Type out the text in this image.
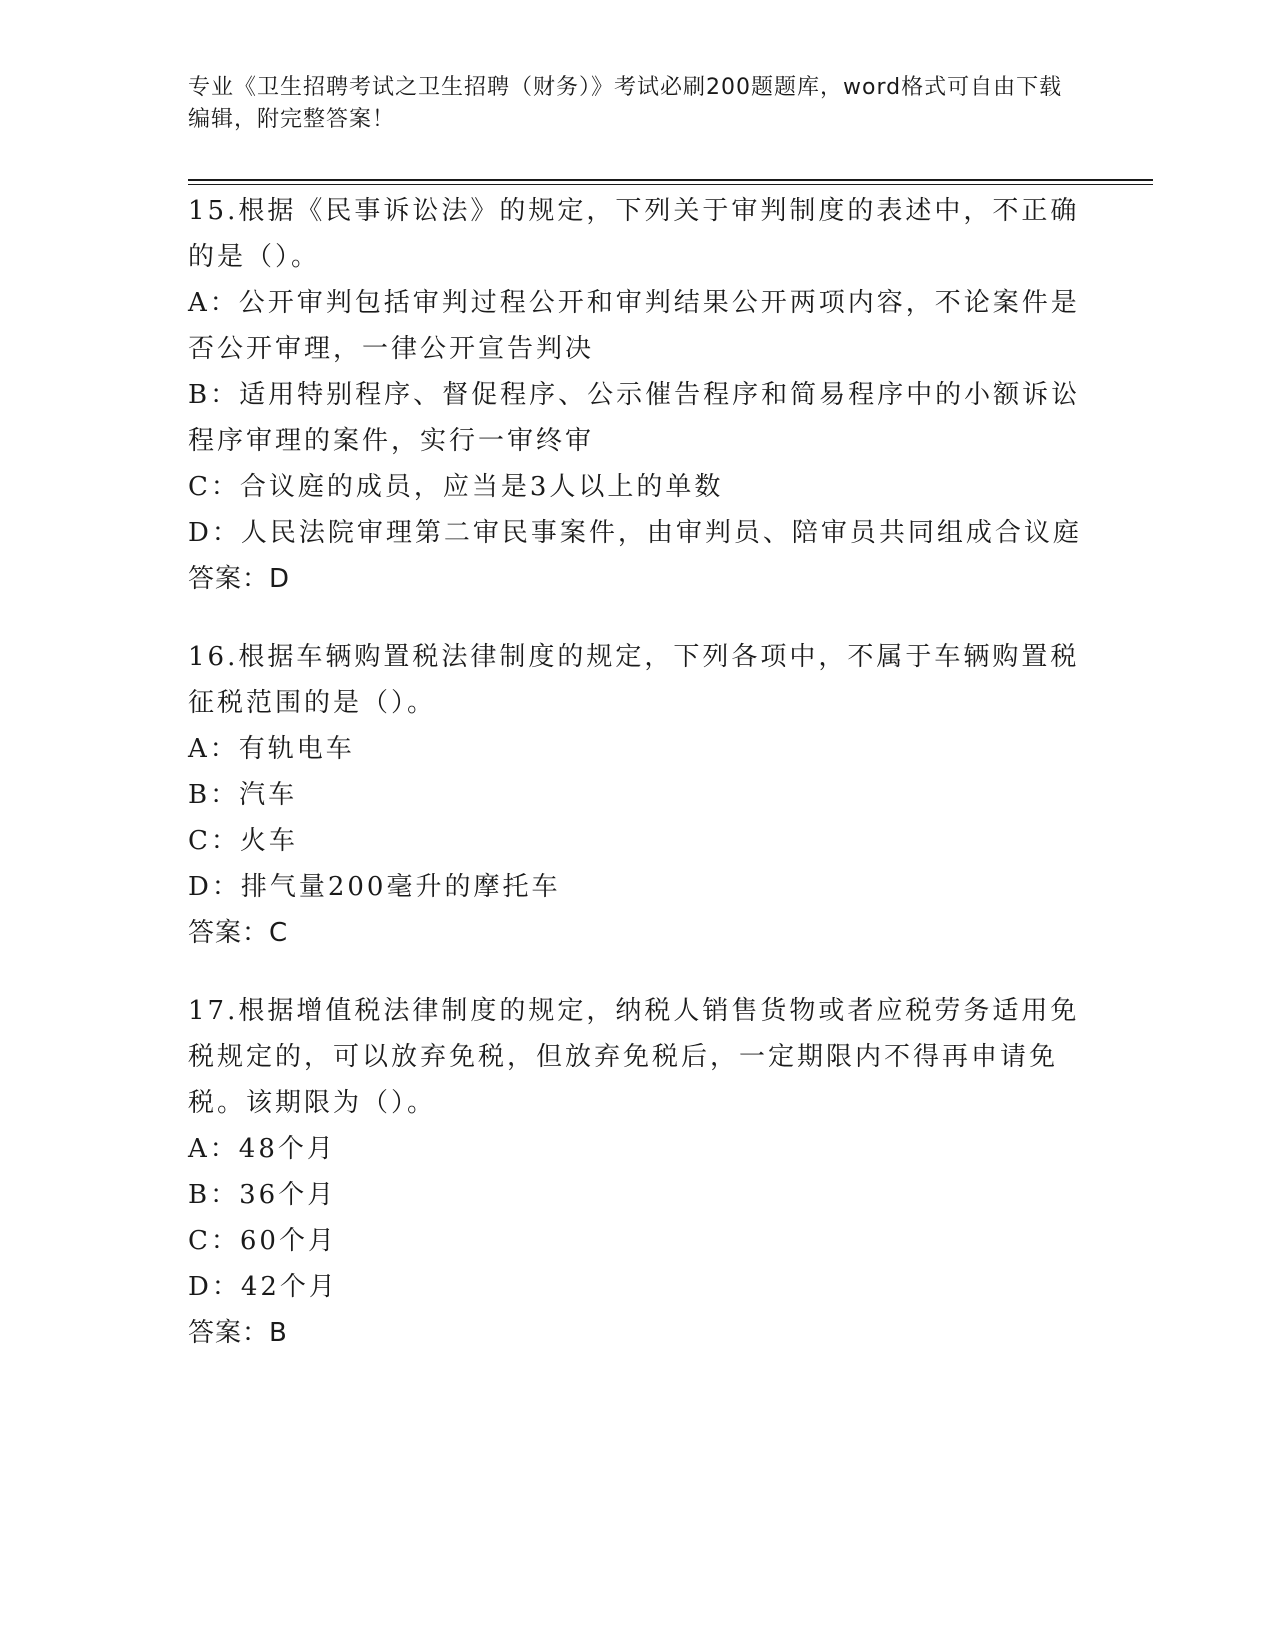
专业《卫生招聘考试之卫生招聘（财务）》考试必刷200题题库，word格式可自由下载编辑，附完整答案！
15.根据《民事诉讼法》的规定，下列关于审判制度的表述中，不正确的是（）。
A：公开审判包括审判过程公开和审判结果公开两项内容，不论案件是否公开审理，一律公开宣告判决
B：适用特别程序、督促程序、公示催告程序和简易程序中的小额诉讼程序审理的案件，实行一审终审
C：合议庭的成员，应当是3人以上的单数
D：人民法院审理第二审民事案件，由审判员、陪审员共同组成合议庭
答案：D
16.根据车辆购置税法律制度的规定，下列各项中，不属于车辆购置税征税范围的是（）。
A：有轨电车
B：汽车
C：火车
D：排气量200毫升的摩托车
答案：C
17.根据增值税法律制度的规定，纳税人销售货物或者应税劳务适用免税规定的，可以放弃免税，但放弃免税后，一定期限内不得再申请免税。该期限为（）。
A：48个月
B：36个月
C：60个月
D：42个月
答案：B
